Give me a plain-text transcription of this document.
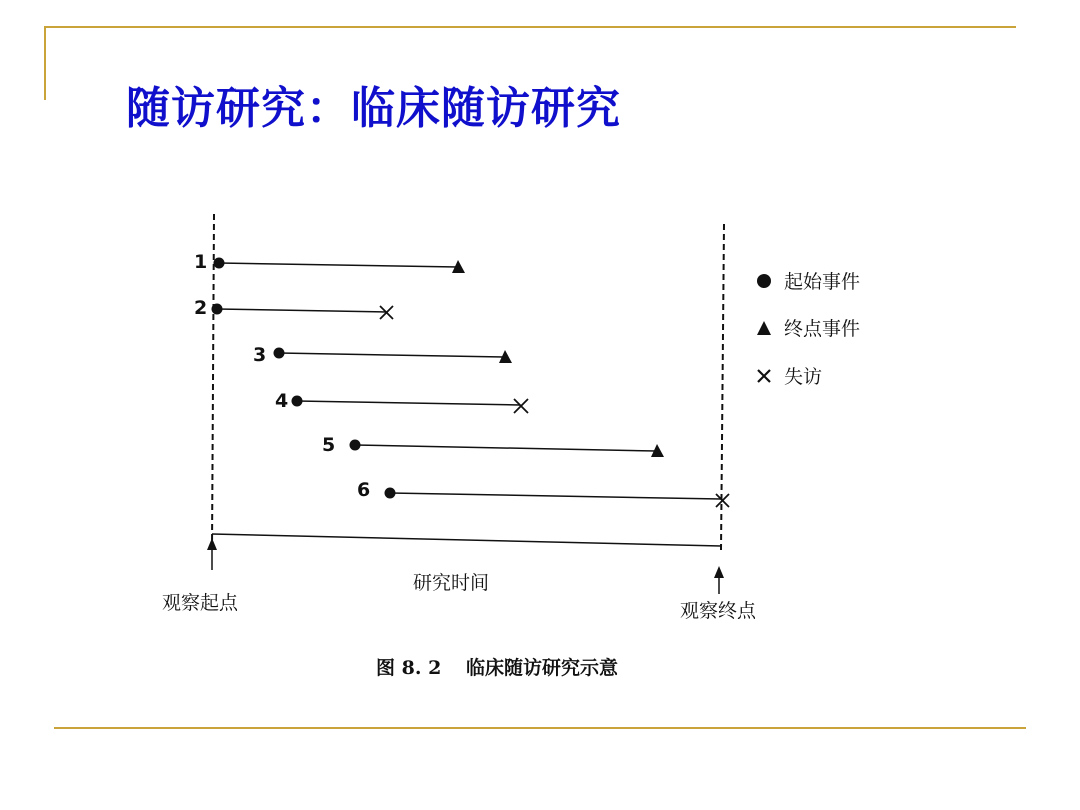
随访研究：临床随访研究
1
2
3
4
5
6
研究时间
观察起点	观察终点
起始事件
终点事件
失访
图 8. 2 临床随访研究示意
